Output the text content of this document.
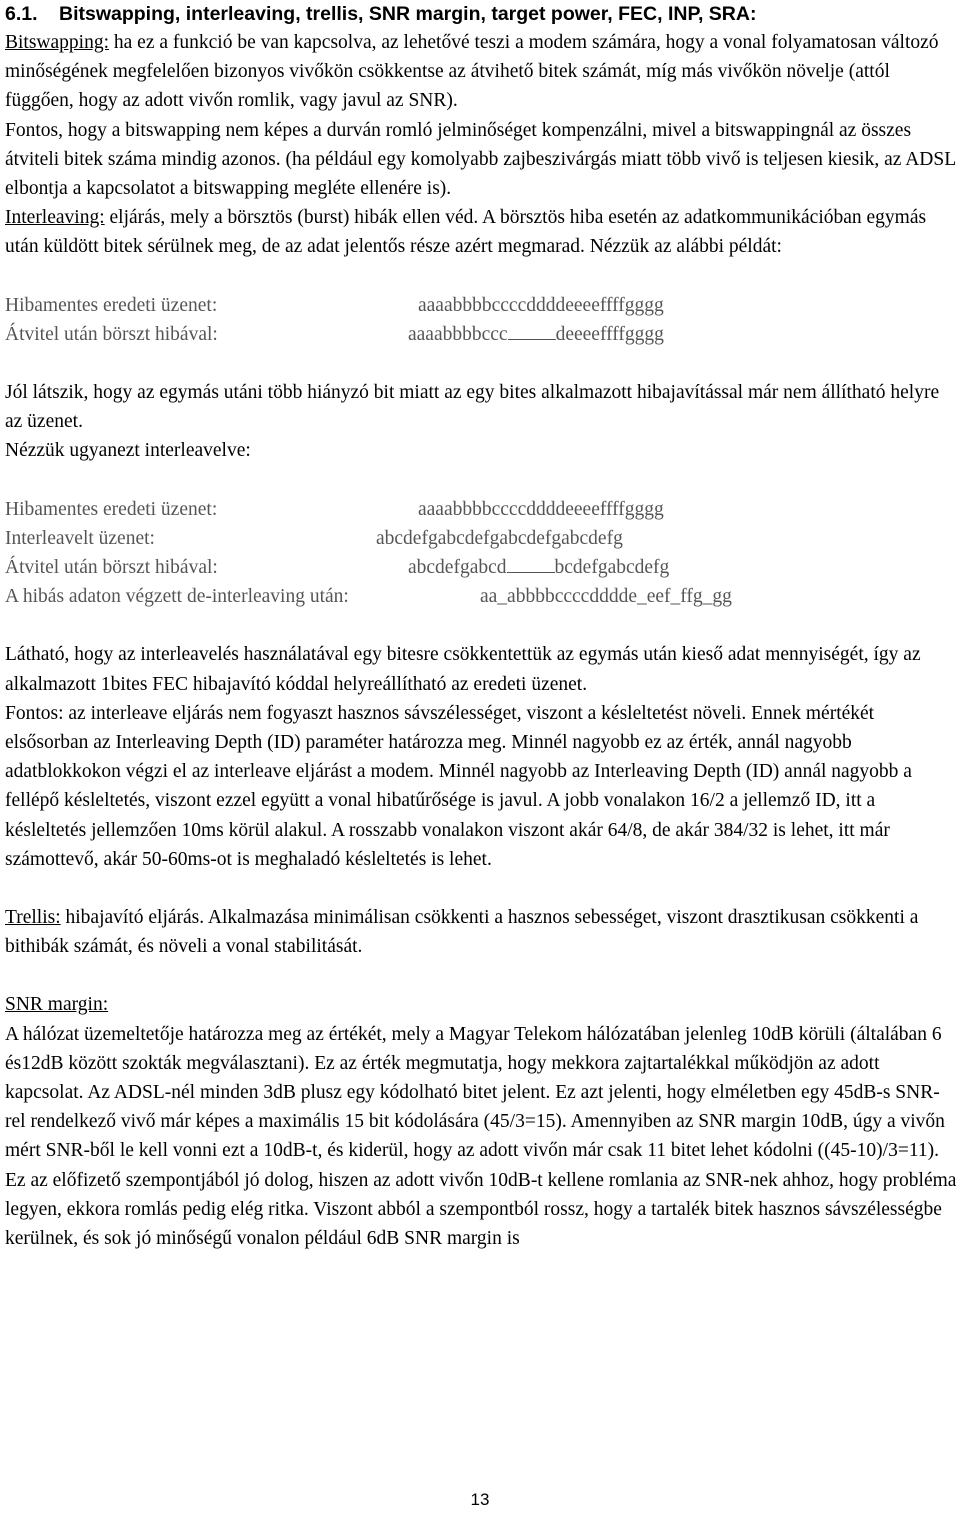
6.1. Bitswapping, interleaving, trellis, SNR margin, target power, FEC, INP, SRA:

Bitswapping: ha ez a funkció be van kapcsolva, az lehetővé teszi a modem számára, hogy a vonal folyamatosan változó minőségének megfelelően bizonyos vivőkön csökkentse az átvihető bitek számát, míg más vivőkön növelje (attól függően, hogy az adott vivőn romlik, vagy javul az SNR).

Fontos, hogy a bitswapping nem képes a durván romló jelminőséget kompenzálni, mivel a bitswappingnál az összes átviteli bitek száma mindig azonos. (ha például egy komolyabb zajbeszivárgás miatt több vivő is teljesen kiesik, az ADSL elbontja a kapcsolatot a bitswapping megléte ellenére is).

Interleaving: eljárás, mely a börsztös (burst) hibák ellen véd. A börsztös hiba esetén az adatkommunikációban egymás után küldött bitek sérülnek meg, de az adat jelentős része azért megmarad. Nézzük az alábbi példát:

Hibamentes eredeti üzenet:	aaaabbbbccccddddeeeeffffgggg
Átvitel után börszt hibával:	aaaabbbbccc deeeeffffgggg

Jól látszik, hogy az egymás utáni több hiányzó bit miatt az egy bites alkalmazott hibajavítással már nem állítható helyre az üzenet.

Nézzük ugyanezt interleavelve:

Hibamentes eredeti üzenet:	aaaabbbbccccddddeeeeffffgggg
Interleavelt üzenet:	abcdefgabcdefgabcdefgabcdefg
Átvitel után börszt hibával:	abcdefgabcd bcdefgabcdefg
A hibás adaton végzett de-interleaving után:	aa_abbbbccccdddde_eef_ffg_gg

Látható, hogy az interleavelés használatával egy bitesre csökkentettük az egymás után kieső adat mennyiségét, így az alkalmazott 1bites FEC hibajavító kóddal helyreállítható az eredeti üzenet.

Fontos: az interleave eljárás nem fogyaszt hasznos sávszélességet, viszont a késleltetést növeli. Ennek mértékét elsősorban az Interleaving Depth (ID) paraméter határozza meg. Minnél nagyobb ez az érték, annál nagyobb adatblokkokon végzi el az interleave eljárást a modem. Minnél nagyobb az Interleaving Depth (ID) annál nagyobb a fellépő késleltetés, viszont ezzel együtt a vonal hibatűrősége is javul. A jobb vonalakon 16/2 a jellemző ID, itt a késleltetés jellemzően 10ms körül alakul. A rosszabb vonalakon viszont akár 64/8, de akár 384/32 is lehet, itt már számottevő, akár 50-60ms-ot is meghaladó késleltetés is lehet.

Trellis: hibajavító eljárás. Alkalmazása minimálisan csökkenti a hasznos sebességet, viszont drasztikusan csökkenti a bithibák számát, és növeli a vonal stabilitását.

SNR margin:

A hálózat üzemeltetője határozza meg az értékét, mely a Magyar Telekom hálózatában jelenleg 10dB körüli (általában 6 és12dB között szokták megválasztani). Ez az érték megmutatja, hogy mekkora zajtartalékkal működjön az adott kapcsolat. Az ADSL-nél minden 3dB plusz egy kódolható bitet jelent. Ez azt jelenti, hogy elméletben egy 45dB-s SNR-rel rendelkező vivő már képes a maximális 15 bit kódolására (45/3=15). Amennyiben az SNR margin 10dB, úgy a vivőn mért SNR-ből le kell vonni ezt a 10dB-t, és kiderül, hogy az adott vivőn már csak 11 bitet lehet kódolni ((45-10)/3=11). Ez az előfizető szempontjából jó dolog, hiszen az adott vivőn 10dB-t kellene romlania az SNR-nek ahhoz, hogy probléma legyen, ekkora romlás pedig elég ritka. Viszont abból a szempontból rossz, hogy a tartalék bitek hasznos sávszélességbe kerülnek, és sok jó minőségű vonalon például 6dB SNR margin is

13
